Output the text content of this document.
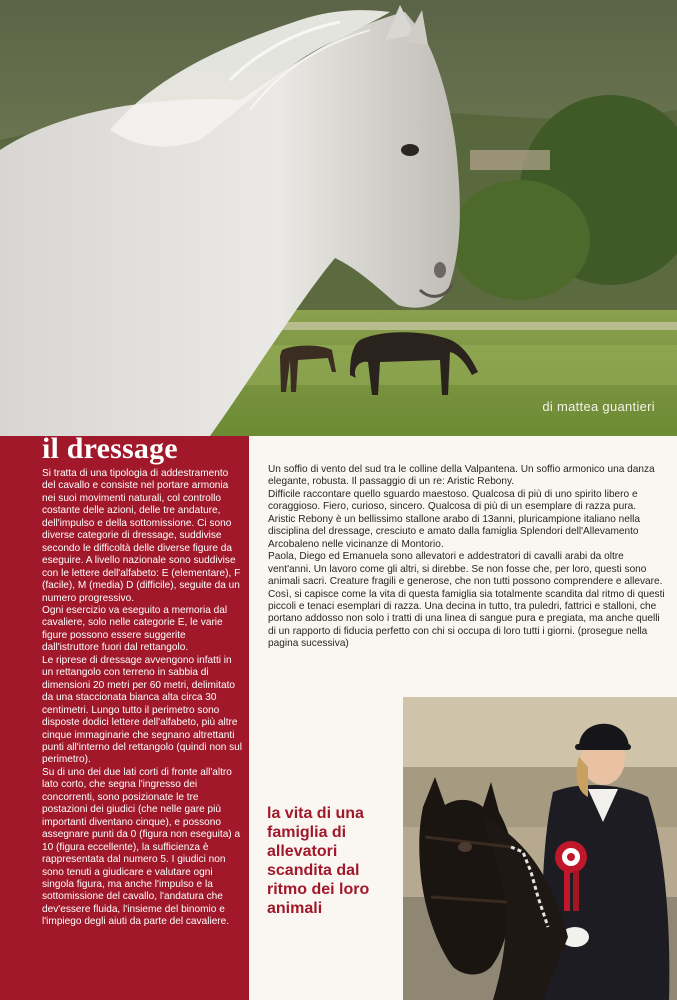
di mattea guantieri
il dressage

Si tratta di una tipologia di addestramento del cavallo e consiste nel portare armonia nei suoi movimenti naturali, col controllo costante delle azioni, delle tre andature, dell'impulso e della sottomissione. Ci sono diverse categorie di dressage, suddivise secondo le difficoltà delle diverse figure da eseguire. A livello nazionale sono suddivise con le lettere dell'alfabeto: E (elementare), F (facile), M (media) D (difficile), seguite da un numero progressivo.

Ogni esercizio va eseguito a memoria dal cavaliere, solo nelle categorie E, le varie figure possono essere suggerite dall'istruttore fuori dal rettangolo.

Le riprese di dressage avvengono infatti in un rettangolo con terreno in sabbia di dimensioni 20 metri per 60 metri, delimitato da una staccionata bianca alta circa 30 centimetri. Lungo tutto il perimetro sono disposte dodici lettere dell'alfabeto, più altre cinque immaginarie che segnano altrettanti punti all'interno del rettangolo (quindi non sul perimetro).

Su di uno dei due lati corti di fronte all'altro lato corto, che segna l'ingresso dei concorrenti, sono posizionate le tre postazioni dei giudici (che nelle gare più importanti diventano cinque), e possono assegnare punti da 0 (figura non eseguita) a 10 (figura eccellente), la sufficienza è rappresentata dal numero 5. I giudici non sono tenuti a giudicare e valutare ogni singola figura, ma anche l'impulso e la sottomissione del cavallo, l'andatura che dev'essere fluida, l'insieme del binomio e l'impiego degli aiuti da parte del cavaliere.

Un soffio di vento del sud tra le colline della Valpantena. Un soffio armonico una danza elegante, robusta. Il passaggio di un re: Aristic Rebony.

Difficile raccontare quello sguardo maestoso. Qualcosa di più di uno spirito libero e coraggioso. Fiero, curioso, sincero. Qualcosa di più di un esemplare di razza pura.

Aristic Rebony è un bellissimo stallone arabo di 13anni, pluricampione italiano nella disciplina del dressage, cresciuto e amato dalla famiglia Splendori dell'Allevamento Arcobaleno nelle vicinanze di Montorio.

Paola, Diego ed Emanuela sono allevatori e addestratori di cavalli arabi da oltre vent'anni. Un lavoro come gli altri, si direbbe. Se non fosse che, per loro, questi sono animali sacri. Creature fragili e generose, che non tutti possono comprendere e allevare. Così, si capisce come la vita di questa famiglia sia totalmente scandita dal ritmo di questi piccoli e tenaci esemplari di razza. Una decina in tutto, tra puledri, fattrici e stalloni, che portano addosso non solo i tratti di una linea di sangue pura e pregiata, ma anche quelli di un rapporto di fiducia perfetto con chi si occupa di loro tutti i giorni. (prosegue nella pagina sucessiva)

la vita di una famiglia di allevatori scandita dal ritmo dei loro animali
